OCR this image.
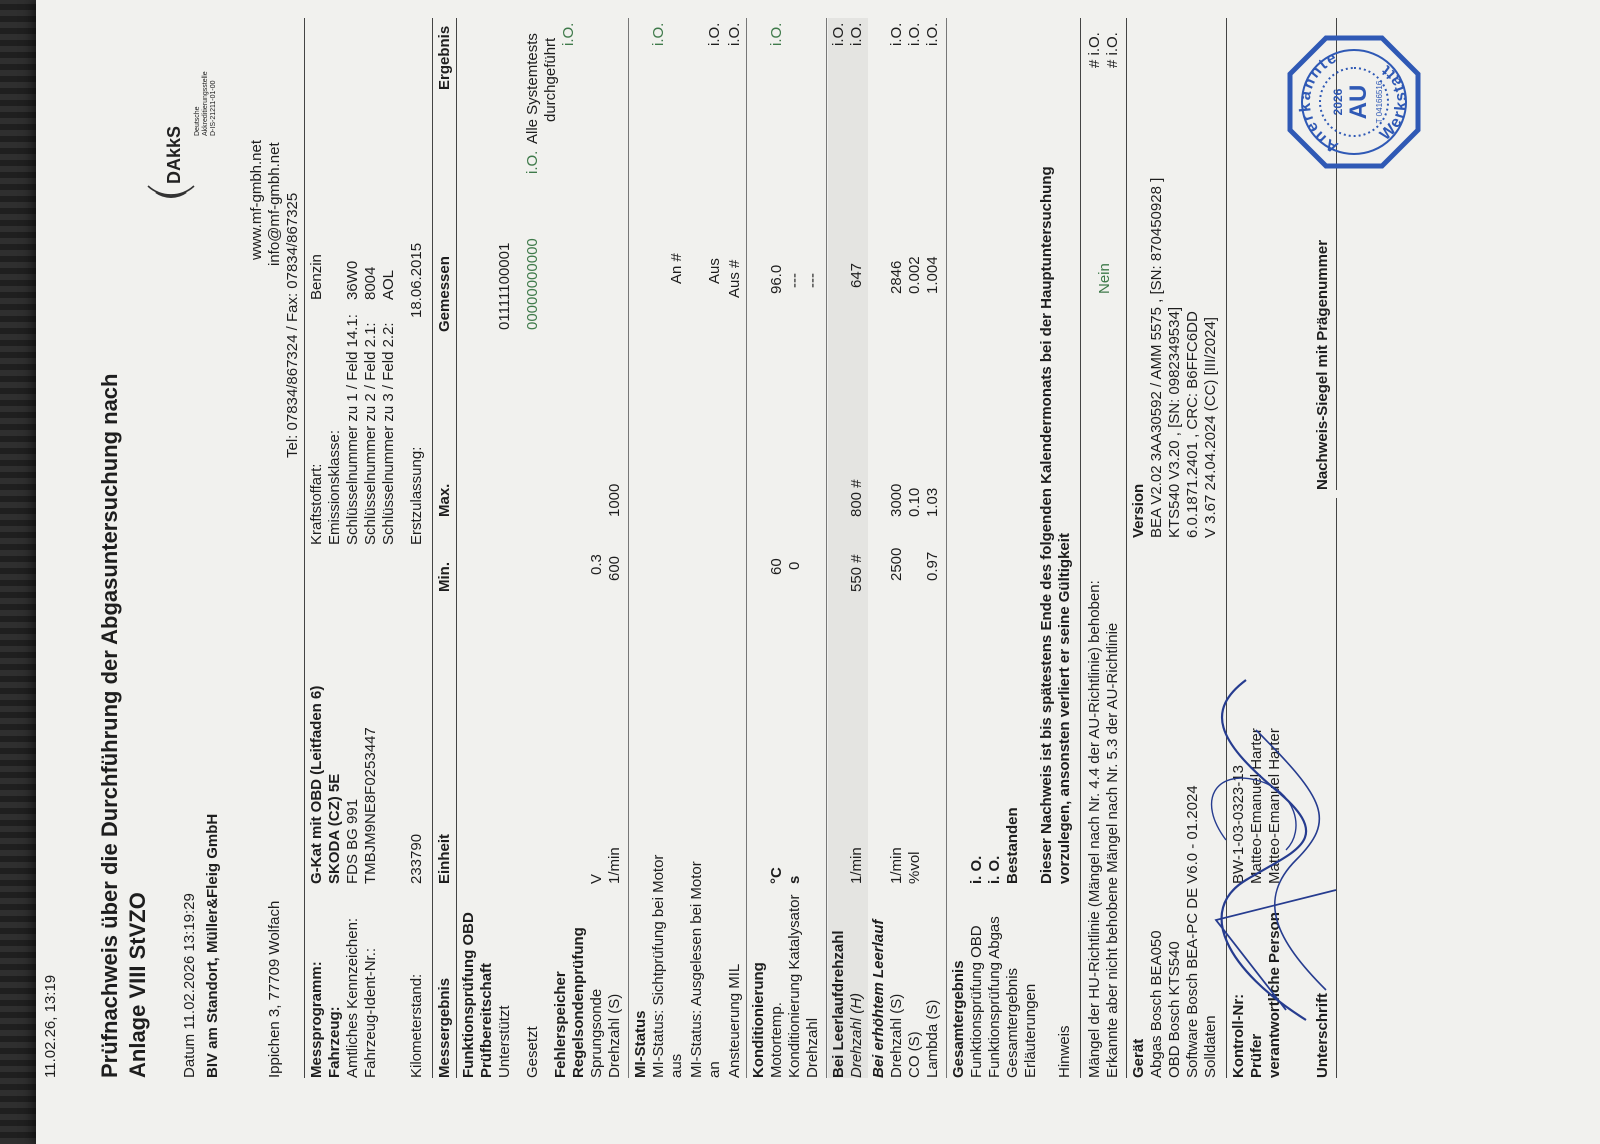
11.02.26, 13:19 Prüfnachweis über die Durchführung der Abgasuntersuchung nach Anlage VIII StVZO Datum 11.02.2026 13:19:29 BIV am Standort, Müller&Fleig GmbH	Ippichen 3, 77709 Wolfach
www.mf-gmbh.net info@mf-gmbh.net Tel: 07834/867324 / Fax: 07834/867325
DAkkS
Deutsche Akkreditierungsstelle D-IS-21211-01-00
Messprogramm: Fahrzeug: Amtliches Kennzeichen: Fahrzeug-Ident-Nr.:
G-Kat mit OBD (Leitfaden 6) SKODA (CZ) 5E FDS BG 991 TMBJM9NE8F0253447
Kraftstoffart: Emissionsklasse: Schlüsselnummer zu 1 / Feld 14.1: Schlüsselnummer zu 2 / Feld 2.1: Schlüsselnummer zu 3 / Feld 2.2:
Benzin 36W0 8004 AOL
Kilometerstand:
233790
Erstzulassung:
18.06.2015
Messergebnis
Einheit
Min.
Max.
Gemessen
Ergebnis
Funktionsprüfung OBD Prüfbereitschaft Unterstützt
01111100001
Gesetzt
00000000000
i.O.
Alle Systemtests durchgeführt
i.O.
Fehlerspeicher Regelsondenprüfung Sprungsonde
V
0.3
Drehzahl (S)
1/min
600
1000
MI-Status MI-Status: Sichtprüfung bei Motor aus
An #
i.O.
MI-Status: Ausgelesen bei Motor an
Aus
i.O.
Ansteuerung MIL
Aus #
i.O.
Konditionierung Motortemp.
°C
60
96.0
i.O.
Konditionierung Katalysator
s
0
---
Drehzahl
---
Bei Leerlaufdrehzahl Drehzahl (H)
1/min
550 #
800 #
647
i.O. i.O.
Bei erhöhtem Leerlauf Drehzahl (S) CO (S) Lambda (S)
1/min %vol
2500 0.97
3000 0.10 1.03
2846 0.002 1.004
i.O. i.O. i.O.
Gesamtergebnis Funktionsprüfung OBD Funktionsprüfung Abgas Gesamtergebnis Erläuterungen
i. O. i. O. Bestanden
Hinweis
Dieser Nachweis ist bis spätestens Ende des folgenden Kalendermonats bei der Hauptuntersuchung vorzulegen, ansonsten verliert er seine Gültigkeit Mängel der HU-Richtlinie (Mängel nach Nr. 4.4 der AU-Richtlinie) behoben: Erkannte aber nicht behobene Mängel nach Nr. 5.3 der AU-Richtlinie
Nein
# i.O. # i.O.
Gerät
Version
Abgas Bosch BEA050 OBD Bosch KTS540 Software Bosch BEA-PC DE V6.0 - 01.2024 Solldaten
BEA V2.02 3AA30592 / AMM 5575 , [SN: 870450928 ] KTS540 V3.20 , [SN: 0982349534] 6.0.1871.2401 , CRC: B6FFC6DD V 3.67 24.04.2024 (CC) [III/2024]
Kontroll-Nr: Prüfer verantwortliche Person
BW-1-03-0323-13 Matteo-Emanuel Harter Matteo-Emanuel Harter
Unterschrift
Nachweis-Siegel mit Prägenummer
Anerkannte
Werkstatt
2026 AU T 04166516
